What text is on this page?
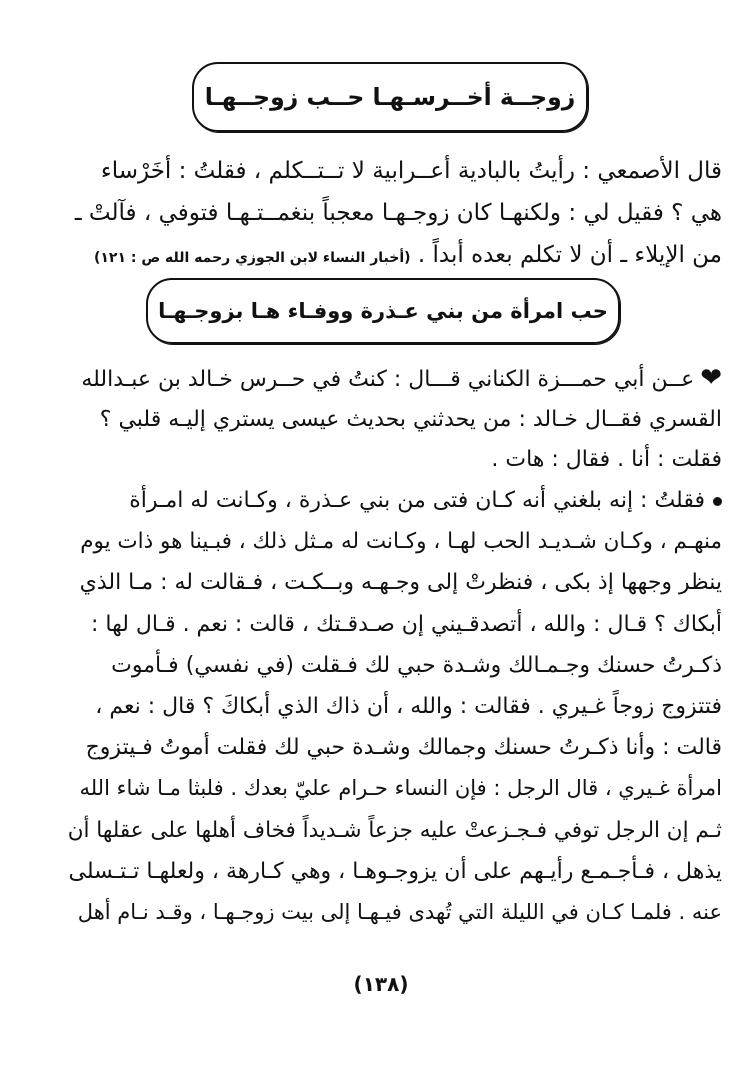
زوجــة أخــرسـهـا حــب زوجــهـا
قال الأصمعي : رأيتُ بالبادية أعــرابية لا تــتــكلم ، فقلتُ : أخَرْساء
هي ؟ فقيل لي : ولكنهـا كان زوجـهـا معجباً بنغمــتـهـا فتوفي ، فآلتْ ـ
من الإيلاء ـ أن لا تكلم بعده أبداً . (أخبار النساء لابن الجوزي رحمه الله ص : ١٢١)
حب امرأة من بني عـذرة ووفـاء هـا بزوجـهـا
❤عــن أبي حمـــزة الكناني قـــال : كنتُ في حــرس خـالد بن عبـدالله
القسري فقــال خـالد : من يحدثني بحديث عيسى يستري إليـه قلبي ؟
فقلت : أنا . فقال : هات .
فقلتُ : إنه بلغني أنه كـان فتى من بني عـذرة ، وكـانت له امـرأة
منهـم ، وكـان شـديـد الحب لهـا ، وكـانت له مـثل ذلك ، فبـينا هو ذات يوم
ينظر وجهها إذ بكى ، فنظرتْ إلى وجـهـه وبــكـت ، فـقالت له : مـا الذي
أبكاك ؟ قـال : والله ، أتصدقـيني إن صـدقـتك ، قالت : نعم . قـال لها :
ذكـرتُ حسنك وجـمـالك وشـدة حبي لك فـقلت (في نفسي) فـأموت
فتتزوج زوجاً غـيري . فقالت : والله ، أن ذاك الذي أبكاكَ ؟ قال : نعم ،
قالت : وأنا ذكـرتُ حسنك وجمالك وشـدة حبي لك فقلت أموتُ فـيتزوج
امرأة غـيري ، قال الرجل : فإن النساء حـرام عليّ بعدك . فلبثا مـا شاء الله
ثـم إن الرجل توفي فـجـزعتْ عليه جزعاً شـديداً فخاف أهلها على عقلها أن
يذهل ، فـأجـمـع رأيـهم على أن يزوجـوهـا ، وهي كـارهة ، ولعلهـا تـتـسلى
عنه . فلمـا كـان في الليلة التي تُهدى فيـهـا إلى بيت زوجـهـا ، وقـد نـام أهل
(١٣٨)
